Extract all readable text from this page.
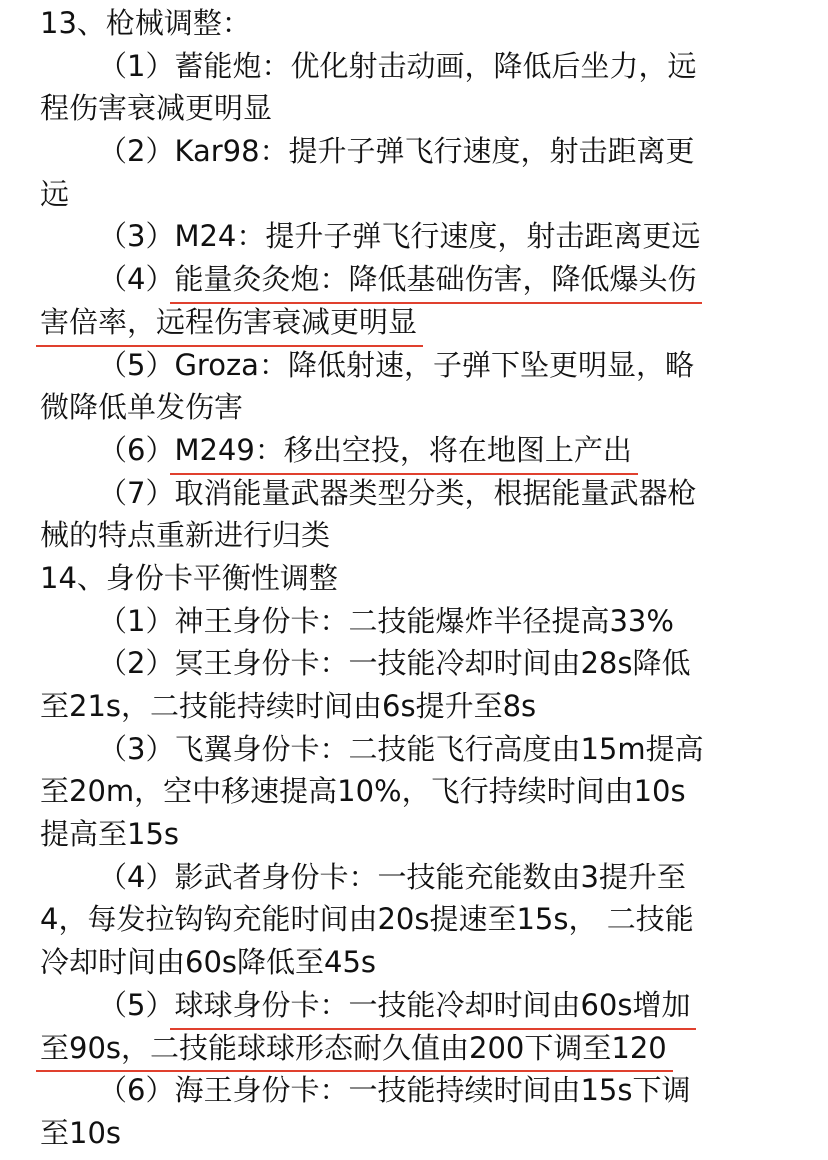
13、枪械调整：
（1）蓄能炮：优化射击动画，降低后坐力，远
程伤害衰减更明显
（2）Kar98：提升子弹飞行速度，射击距离更
远
（3）M24：提升子弹飞行速度，射击距离更远
（4）能量灸灸炮：降低基础伤害，降低爆头伤
害倍率，远程伤害衰减更明显
（5）Groza：降低射速，子弹下坠更明显，略
微降低单发伤害
（6）M249：移出空投，将在地图上产出
（7）取消能量武器类型分类，根据能量武器枪
械的特点重新进行归类
14、身份卡平衡性调整
（1）神王身份卡：二技能爆炸半径提高33%
（2）冥王身份卡：一技能冷却时间由28s降低
至21s，二技能持续时间由6s提升至8s
（3）飞翼身份卡：二技能飞行高度由15m提高
至20m，空中移速提高10%，飞行持续时间由10s
提高至15s
（4）影武者身份卡：一技能充能数由3提升至
4，每发拉钩钩充能时间由20s提速至15s， 二技能
冷却时间由60s降低至45s
（5）球球身份卡：一技能冷却时间由60s增加
至90s，二技能球球形态耐久值由200下调至120
（6）海王身份卡：一技能持续时间由15s下调
至10s
